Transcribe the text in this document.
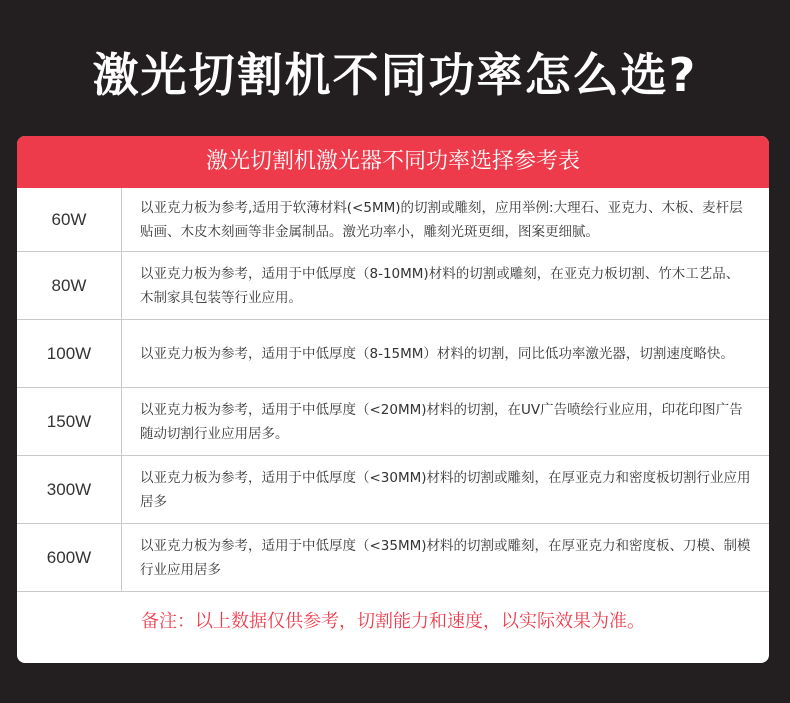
激光切割机不同功率怎么选?
激光切割机激光器不同功率选择参考表
60W
以亚克力板为参考,适用于软薄材料(<5MM)的切割或雕刻，应用举例:大理石、亚克力、木板、麦杆层贴画、木皮木刻画等非金属制品。激光功率小，雕刻光斑更细，图案更细腻。
80W
以亚克力板为参考，适用于中低厚度（8-10MM)材料的切割或雕刻，在亚克力板切割、竹木工艺品、木制家具包装等行业应用。
100W	以亚克力板为参考，适用于中低厚度（8-15MM）材料的切割，同比低功率激光器，切割速度略快。
150W
以亚克力板为参考，适用于中低厚度（<20MM)材料的切割，在UV广告喷绘行业应用，印花印图广告随动切割行业应用居多。
300W
以亚克力板为参考，适用于中低厚度（<30MM)材料的切割或雕刻，在厚亚克力和密度板切割行业应用居多
600W
以亚克力板为参考，适用于中低厚度（<35MM)材料的切割或雕刻，在厚亚克力和密度板、刀模、制模行业应用居多
备注：以上数据仅供参考，切割能力和速度，以实际效果为准。
